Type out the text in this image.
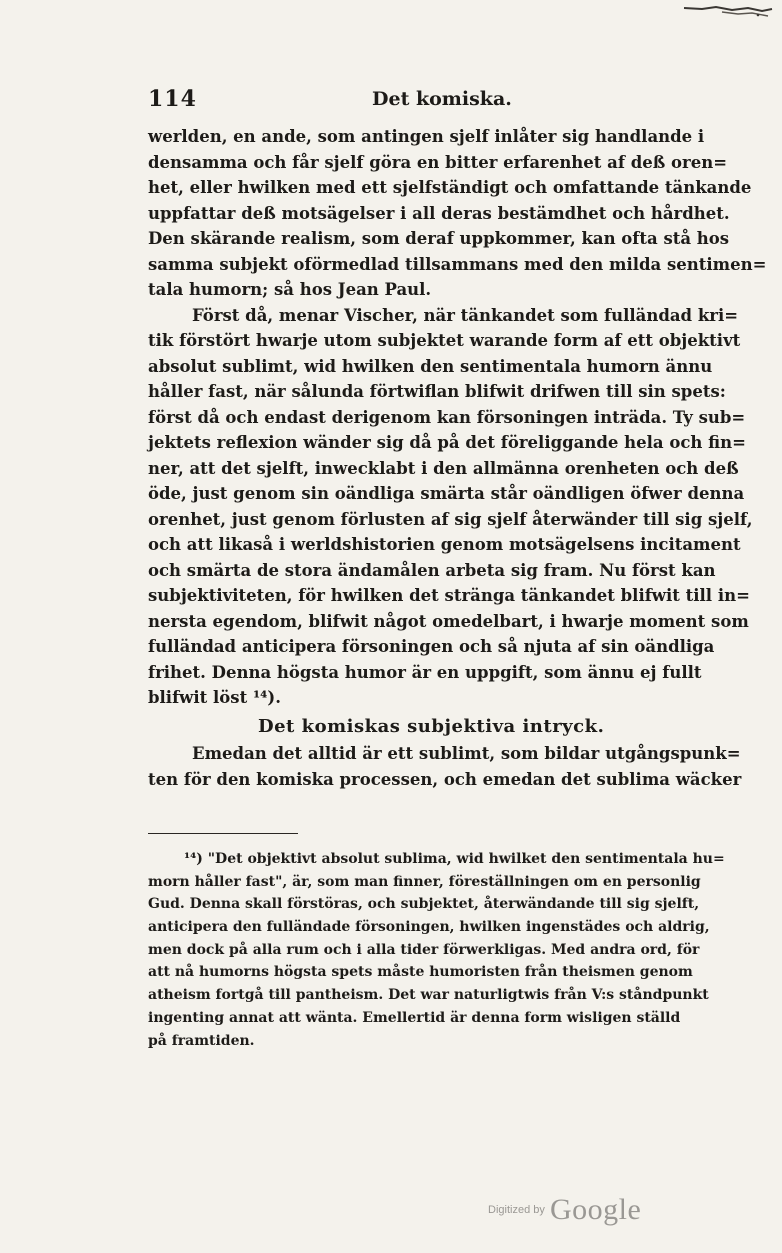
114	Det komiska.
werlden, en ande, som antingen sjelf inlåter sig handlande i
densamma och får sjelf göra en bitter erfarenhet af deß oren=
het, eller hwilken med ett sjelfständigt och omfattande tänkande
uppfattar deß motsägelser i all deras bestämdhet och hårdhet.
Den skärande realism, som deraf uppkommer, kan ofta stå hos
samma subjekt oförmedlad tillsammans med den milda sentimen=
tala humorn; så hos Jean Paul.
Först då, menar Vischer, när tänkandet som fulländad kri=
tik förstört hwarje utom subjektet warande form af ett objektivt
absolut sublimt, wid hwilken den sentimentala humorn ännu
håller fast, när sålunda förtwiflan blifwit drifwen till sin spets:
först då och endast derigenom kan försoningen inträda. Ty sub=
jektets reflexion wänder sig då på det föreliggande hela och fin=
ner, att det sjelft, inwecklabt i den allmänna orenheten och deß
öde, just genom sin oändliga smärta står oändligen öfwer denna
orenhet, just genom förlusten af sig sjelf återwänder till sig sjelf,
och att likaså i werldshistorien genom motsägelsens incitament
och smärta de stora ändamålen arbeta sig fram. Nu först kan
subjektiviteten, för hwilken det stränga tänkandet blifwit till in=
nersta egendom, blifwit något omedelbart, i hwarje moment som
fulländad anticipera försoningen och så njuta af sin oändliga
frihet. Denna högsta humor är en uppgift, som ännu ej fullt
blifwit löst ¹⁴).
Det komiskas subjektiva intryck.
Emedan det alltid är ett sublimt, som bildar utgångspunk=
ten för den komiska processen, och emedan det sublima wäcker
¹⁴) "Det objektivt absolut sublima, wid hwilket den sentimentala hu=
morn håller fast", är, som man finner, föreställningen om en personlig
Gud. Denna skall förstöras, och subjektet, återwändande till sig sjelft,
anticipera den fulländade försoningen, hwilken ingenstädes och aldrig,
men dock på alla rum och i alla tider förwerkligas. Med andra ord, för
att nå humorns högsta spets måste humoristen från theismen genom
atheism fortgå till pantheism. Det war naturligtwis från V:s ståndpunkt
ingenting annat att wänta. Emellertid är denna form wisligen ställd
på framtiden.
$^{Digitized by}$ Google
